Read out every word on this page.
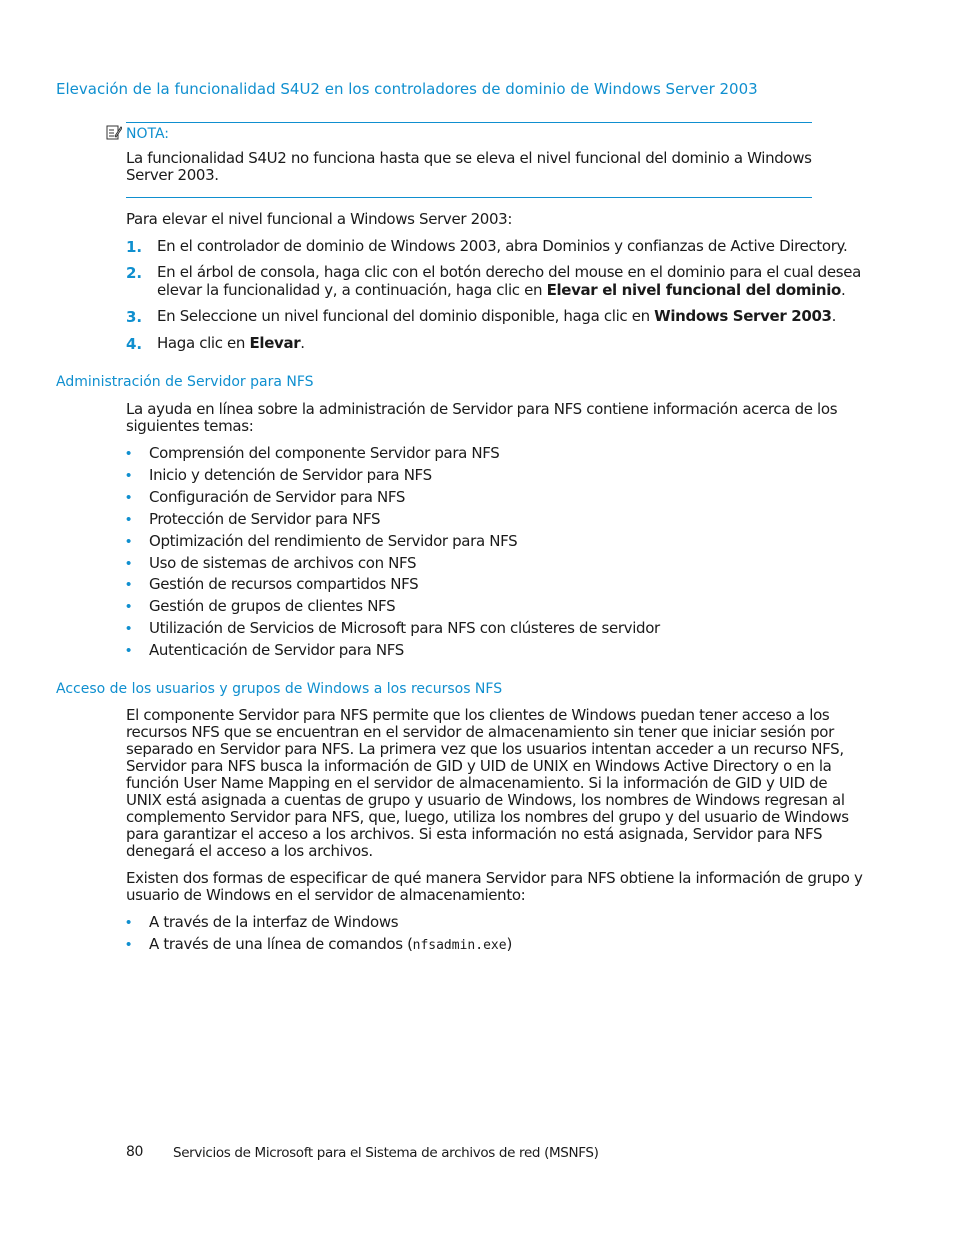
Elevación de la funcionalidad S4U2 en los controladores de dominio de Windows Server 2003
NOTA:
La funcionalidad S4U2 no funciona hasta que se eleva el nivel funcional del dominio a Windows
Server 2003.
Para elevar el nivel funcional a Windows Server 2003:
1. En el controlador de dominio de Windows 2003, abra Dominios y confianzas de Active Directory.
2. En el árbol de consola, haga clic con el botón derecho del mouse en el dominio para el cual desea
elevar la funcionalidad y, a continuación, haga clic en Elevar el nivel funcional del dominio.
3. En Seleccione un nivel funcional del dominio disponible, haga clic en Windows Server 2003.
4. Haga clic en Elevar.
Administración de Servidor para NFS
La ayuda en línea sobre la administración de Servidor para NFS contiene información acerca de los
siguientes temas:
• Comprensión del componente Servidor para NFS
• Inicio y detención de Servidor para NFS
• Configuración de Servidor para NFS
• Protección de Servidor para NFS
• Optimización del rendimiento de Servidor para NFS
• Uso de sistemas de archivos con NFS
• Gestión de recursos compartidos NFS
• Gestión de grupos de clientes NFS
• Utilización de Servicios de Microsoft para NFS con clústeres de servidor
• Autenticación de Servidor para NFS
Acceso de los usuarios y grupos de Windows a los recursos NFS
El componente Servidor para NFS permite que los clientes de Windows puedan tener acceso a los
recursos NFS que se encuentran en el servidor de almacenamiento sin tener que iniciar sesión por
separado en Servidor para NFS. La primera vez que los usuarios intentan acceder a un recurso NFS,
Servidor para NFS busca la información de GID y UID de UNIX en Windows Active Directory o en la
función User Name Mapping en el servidor de almacenamiento. Si la información de GID y UID de
UNIX está asignada a cuentas de grupo y usuario de Windows, los nombres de Windows regresan al
complemento Servidor para NFS, que, luego, utiliza los nombres del grupo y del usuario de Windows
para garantizar el acceso a los archivos. Si esta información no está asignada, Servidor para NFS
denegará el acceso a los archivos.
Existen dos formas de especificar de qué manera Servidor para NFS obtiene la información de grupo y
usuario de Windows en el servidor de almacenamiento:
• A través de la interfaz de Windows
• A través de una línea de comandos (nfsadmin.exe)
80 Servicios de Microsoft para el Sistema de archivos de red (MSNFS)
